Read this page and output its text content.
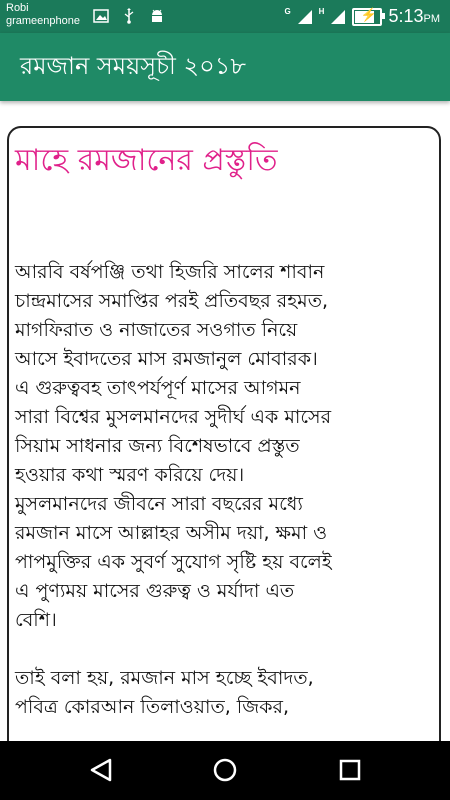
Robi
grameenphone
G	H	⚡ 5:13PM
রমজান সময়সূচী ২০১৮
মাহে রমজানের প্রস্তুতি

আরবি বর্ষপঞ্জি তথা হিজরি সালের শাবান
চান্দ্রমাসের সমাপ্তির পরই প্রতিবছর রহমত,
মাগফিরাত ও নাজাতের সওগাত নিয়ে
আসে ইবাদতের মাস রমজানুল মোবারক।
এ গুরুত্ববহ তাৎপর্যপূর্ণ মাসের আগমন
সারা বিশ্বের মুসলমানদের সুদীর্ঘ এক মাসের
সিয়াম সাধনার জন্য বিশেষভাবে প্রস্তুত
হওয়ার কথা স্মরণ করিয়ে দেয়।
মুসলমানদের জীবনে সারা বছরের মধ্যে
রমজান মাসে আল্লাহর অসীম দয়া, ক্ষমা ও
পাপমুক্তির এক সুবর্ণ সুযোগ সৃষ্টি হয় বলেই
এ পুণ্যময় মাসের গুরুত্ব ও মর্যাদা এত
বেশি।

তাই বলা হয়, রমজান মাস হচ্ছে ইবাদত,
পবিত্র কোরআন তিলাওয়াত, জিকর,
